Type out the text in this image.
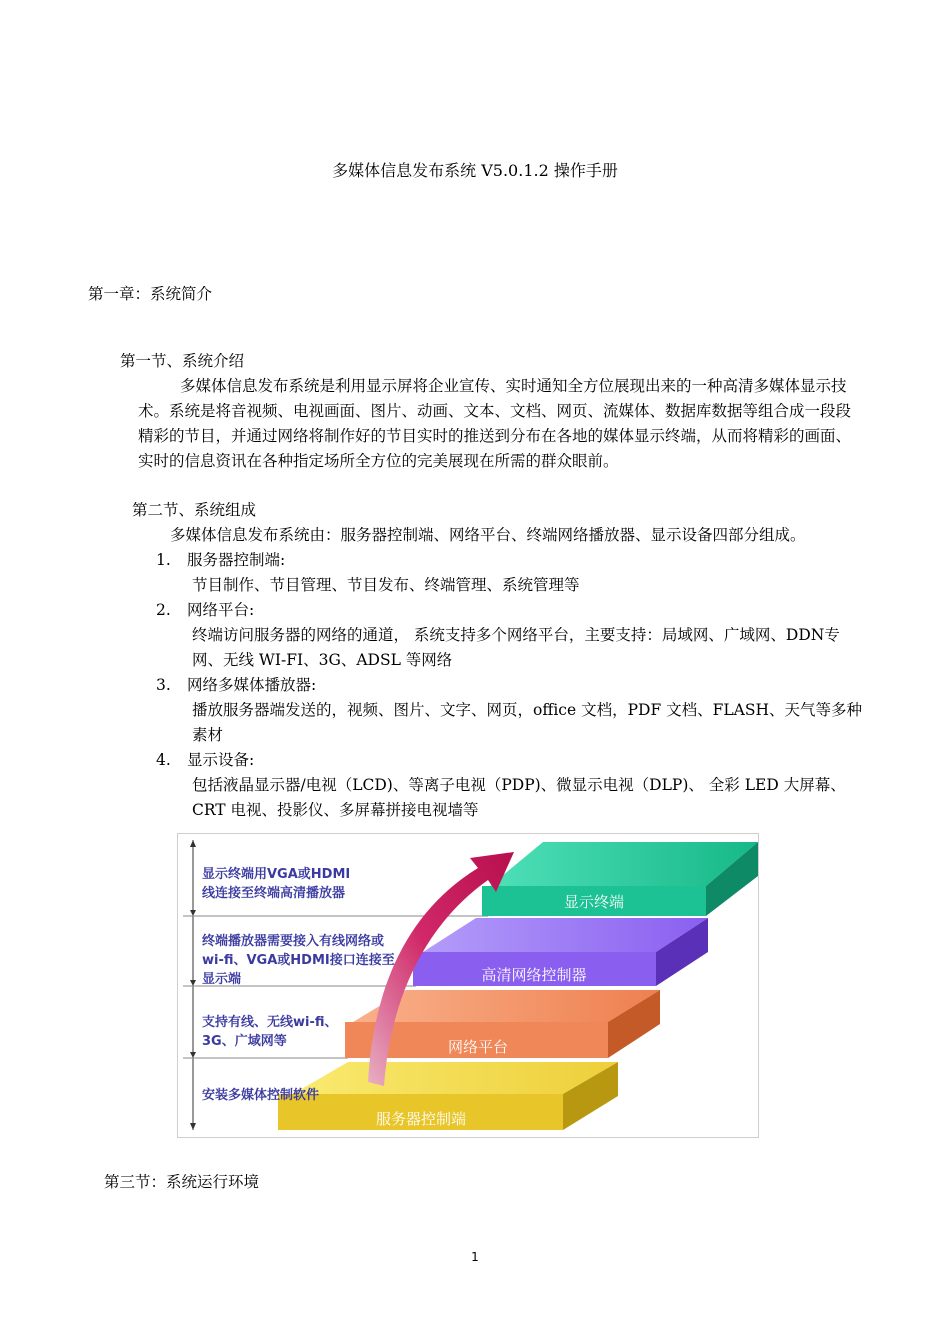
多媒体信息发布系统 V5.0.1.2 操作手册
第一章：系统简介
第一节、系统介绍
多媒体信息发布系统是利用显示屏将企业宣传、实时通知全方位展现出来的一种高清多媒体显示技术。系统是将音视频、电视画面、图片、动画、文本、文档、网页、流媒体、数据库数据等组合成一段段精彩的节目，并通过网络将制作好的节目实时的推送到分布在各地的媒体显示终端，从而将精彩的画面、实时的信息资讯在各种指定场所全方位的完美展现在所需的群众眼前。
第二节、系统组成
多媒体信息发布系统由：服务器控制端、网络平台、终端网络播放器、显示设备四部分组成。
1. 服务器控制端:
节目制作、节目管理、节目发布、终端管理、系统管理等
2. 网络平台:
终端访问服务器的网络的通道， 系统支持多个网络平台，主要支持：局域网、广域网、DDN专网、无线 WI-FI、3G、ADSL 等网络
3. 网络多媒体播放器:
播放服务器端发送的，视频、图片、文字、网页，office 文档，PDF 文档、FLASH、天气等多种素材
4. 显示设备:
包括液晶显示器/电视（LCD)、等离子电视（PDP)、微显示电视（DLP)、 全彩 LED 大屏幕、CRT 电视、投影仪、多屏幕拼接电视墙等
显示终端
高清网络控制器
网络平台
服务器控制端
显示终端用VGA或HDMI
线连接至终端高清播放器
终端播放器需要接入有线网络或
wi-fi、VGA或HDMI接口连接至
显示端
支持有线、无线wi-fi、
3G、广域网等
安装多媒体控制软件
第三节：系统运行环境
1
